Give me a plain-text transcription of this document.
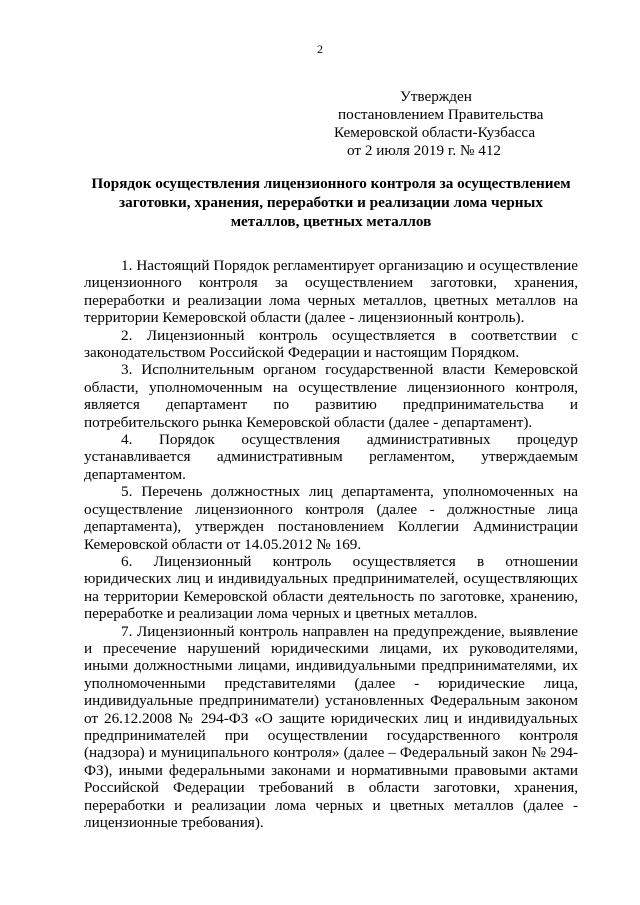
2
Утвержден
постановлением Правительства
Кемеровской области-Кузбасса
от 2 июля 2019 г. № 412
Порядок осуществления лицензионного контроля за осуществлением заготовки, хранения, переработки и реализации лома черных металлов, цветных металлов

1. Настоящий Порядок регламентирует организацию и осуществление лицензионного контроля за осуществлением заготовки, хранения, переработки и реализации лома черных металлов, цветных металлов на территории Кемеровской области (далее - лицензионный контроль).

2. Лицензионный контроль осуществляется в соответствии с законодательством Российской Федерации и настоящим Порядком.

3. Исполнительным органом государственной власти Кемеровской области, уполномоченным на осуществление лицензионного контроля, является департамент по развитию предпринимательства и потребительского рынка Кемеровской области (далее - департамент).

4. Порядок осуществления административных процедур устанавливается административным регламентом, утверждаемым департаментом.

5. Перечень должностных лиц департамента, уполномоченных на осуществление лицензионного контроля (далее - должностные лица департамента), утвержден постановлением Коллегии Администрации Кемеровской области от 14.05.2012 № 169.

6. Лицензионный контроль осуществляется в отношении юридических лиц и индивидуальных предпринимателей, осуществляющих на территории Кемеровской области деятельность по заготовке, хранению, переработке и реализации лома черных и цветных металлов.

7. Лицензионный контроль направлен на предупреждение, выявление и пресечение нарушений юридическими лицами, их руководителями, иными должностными лицами, индивидуальными предпринимателями, их уполномоченными представителями (далее - юридические лица, индивидуальные предприниматели) установленных Федеральным законом от 26.12.2008 № 294-ФЗ «О защите юридических лиц и индивидуальных предпринимателей при осуществлении государственного контроля (надзора) и муниципального контроля» (далее – Федеральный закон № 294-ФЗ), иными федеральными законами и нормативными правовыми актами Российской Федерации требований в области заготовки, хранения, переработки и реализации лома черных и цветных металлов (далее - лицензионные требования).
